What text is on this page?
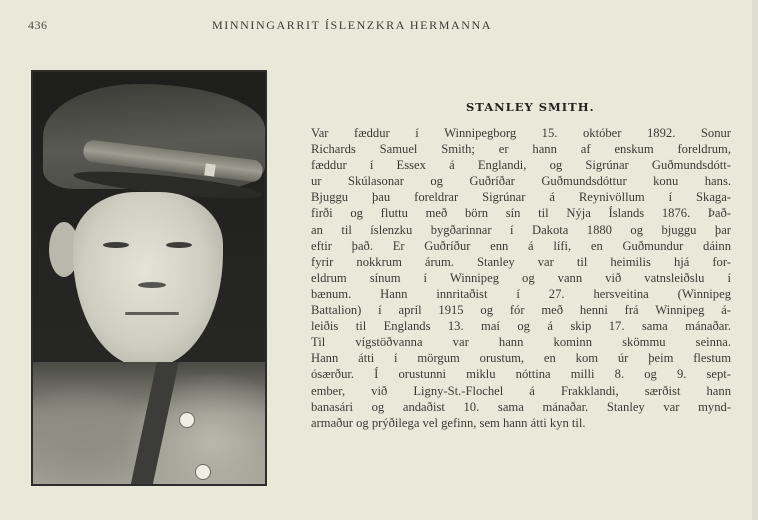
436	MINNINGARRIT ÍSLENZKRA HERMANNA
STANLEY SMITH.
Var fæddur í Winnipegborg 15. október 1892. Sonur
Richards Samuel Smith; er hann af enskum foreldrum,
fæddur í Essex á Englandi, og Sigrúnar Guðmundsdótt-
ur Skúlasonar og Guðríðar Guðmundsdóttur konu hans.
Bjuggu þau foreldrar Sigrúnar á Reynivöllum í Skaga-
firði og fluttu með börn sín til Nýja Íslands 1876. Það-
an til íslenzku bygðarinnar í Dakota 1880 og bjuggu þar
eftir það. Er Guðríður enn á lífi, en Guðmundur dáinn
fyrir nokkrum árum. Stanley var til heimilis hjá for-
eldrum sínum í Winnipeg og vann við vatnsleiðslu í
bænum. Hann innritaðist í 27. hersveitina (Winnipeg
Battalion) í apríl 1915 og fór með henni frá Winnipeg á-
leiðis til Englands 13. maí og á skip 17. sama mánaðar.
Til vígstöðvanna var hann kominn skömmu seinna.
Hann átti í mörgum orustum, en kom úr þeim flestum
ósærður. Í orustunni miklu nóttina milli 8. og 9. sept-
ember, við Ligny-St.-Flochel á Frakklandi, særðist hann
banasári og andaðist 10. sama mánaðar. Stanley var mynd-
armaður og prýðilega vel gefinn, sem hann átti kyn til.
